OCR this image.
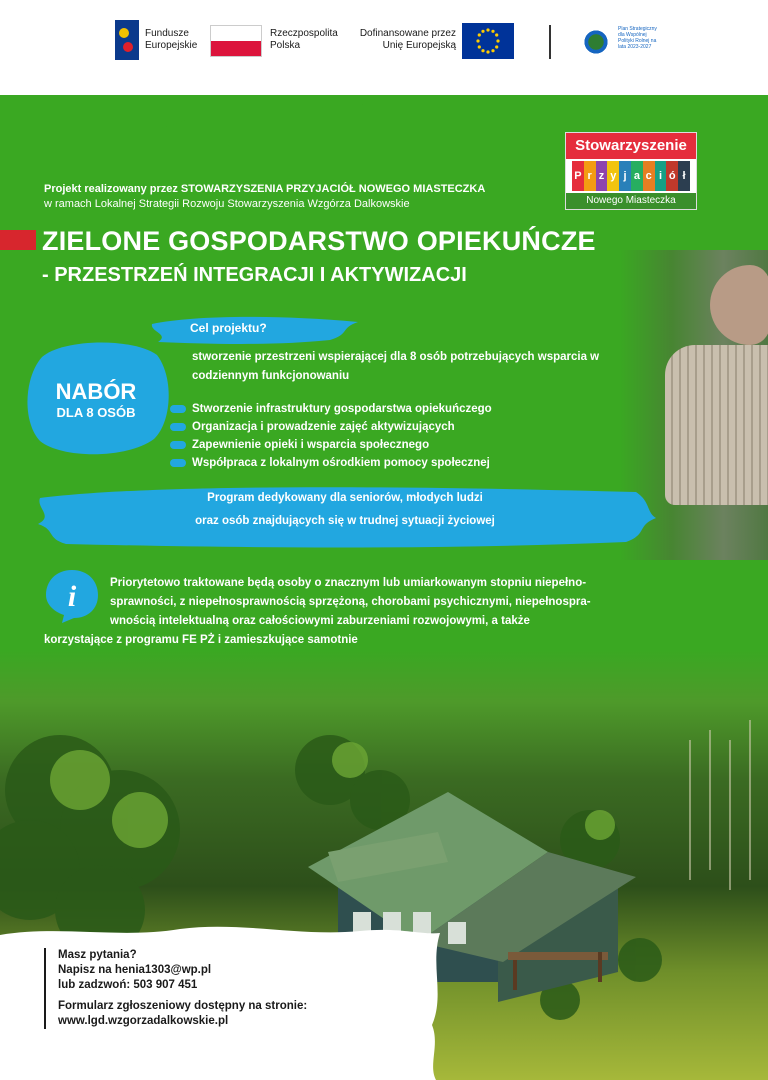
Fundusze
Europejskie
Rzeczpospolita
Polska
Dofinansowane przez
Unię Europejską
Plan Strategiczny dla Wspólnej Polityki Rolnej na lata 2023-2027
Stowarzyszenie
P r z y j a c i ó ł
Nowego Miasteczka
Projekt realizowany przez STOWARZYSZENIA PRZYJACIÓŁ NOWEGO MIASTECZKA
w ramach Lokalnej Strategii Rozwoju Stowarzyszenia Wzgórza Dalkowskie
ZIELONE GOSPODARSTWO OPIEKUŃCZE
- PRZESTRZEŃ INTEGRACJI I AKTYWIZACJI
Cel projektu?
stworzenie przestrzeni wspierającej dla 8 osób potrzebujących wsparcia w codziennym funkcjonowaniu
NABÓR
DLA 8 OSÓB	Stworzenie infrastruktury gospodarstwa opiekuńczego
Organizacja i prowadzenie zajęć aktywizujących
Zapewnienie opieki i wsparcia społecznego
Współpraca z lokalnym ośrodkiem pomocy społecznej
Program dedykowany dla seniorów, młodych ludzi
oraz osób znajdujących się w trudnej sytuacji życiowej
i	Priorytetowo traktowane będą osoby o znacznym lub umiarkowanym stopniu niepełno-
sprawności, z niepełnosprawnością sprzężoną, chorobami psychicznymi, niepełnospra-
wnością intelektualną oraz całościowymi zaburzeniami rozwojowymi, a także
korzystające z programu FE PŻ i zamieszkujące samotnie
Masz pytania?
Napisz na henia1303@wp.pl
lub zadzwoń: 503 907 451
Formularz zgłoszeniowy dostępny na stronie:
www.lgd.wzgorzadalkowskie.pl
